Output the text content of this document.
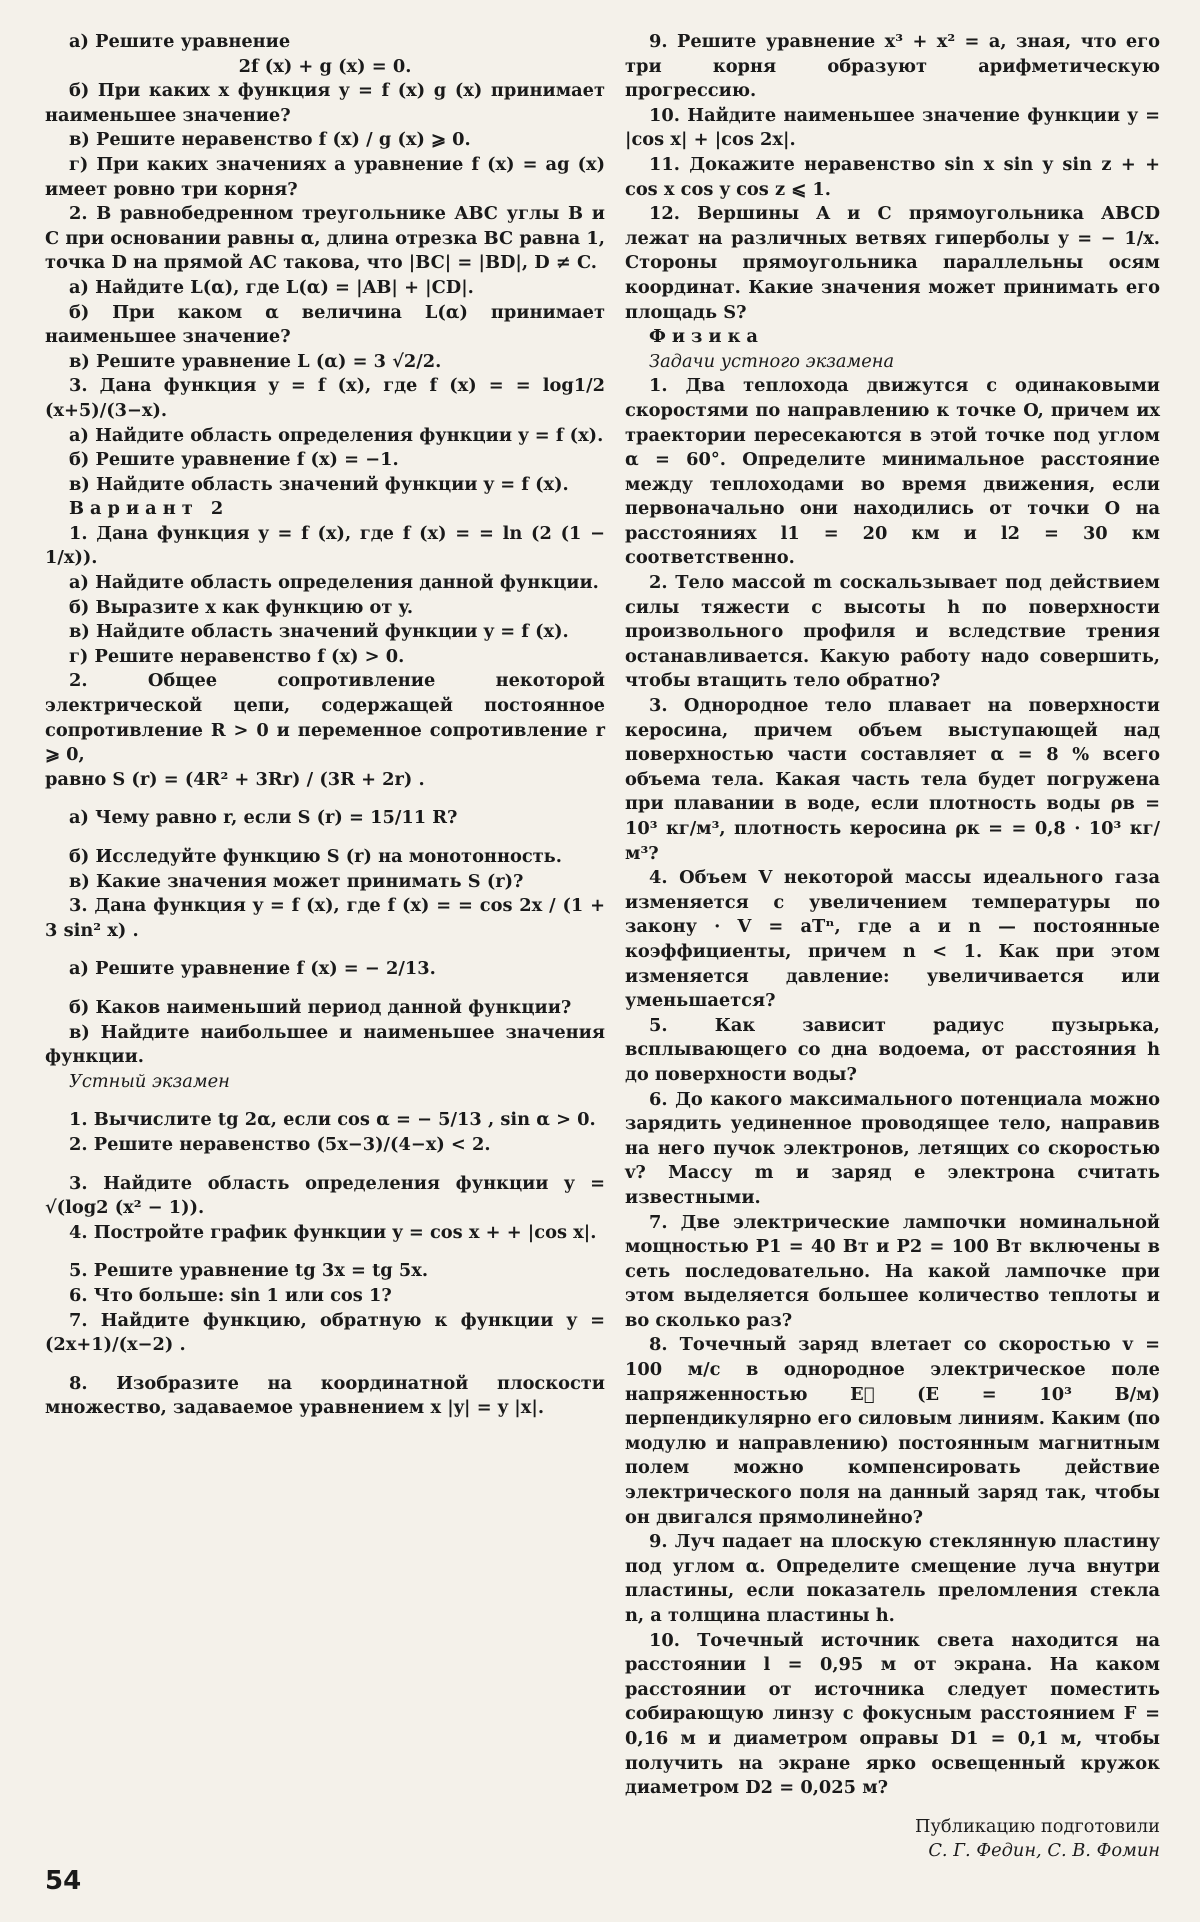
а) Решите уравнение

2f (x) + g (x) = 0.

б) При каких x функция y = f (x) g (x) принимает наименьшее значение?

в) Решите неравенство f (x) / g (x) ⩾ 0.

г) При каких значениях a уравнение f (x) = ag (x) имеет ровно три корня?

2. В равнобедренном треугольнике ABC углы B и C при основании равны α, длина отрезка BC равна 1, точка D на прямой AC такова, что |BC| = |BD|, D ≠ C.

а) Найдите L(α), где L(α) = |AB| + |CD|.

б) При каком α величина L(α) принимает наименьшее значение?

в) Решите уравнение L (α) = 3 √2/2.

3. Дана функция y = f (x), где f (x) = = log1/2 (x+5)/(3−x).

а) Найдите область определения функции y = f (x).

б) Решите уравнение f (x) = −1.

в) Найдите область значений функции y = f (x).

Вариант 2

1. Дана функция y = f (x), где f (x) = = ln (2 (1 − 1/x)).

а) Найдите область определения данной функции.

б) Выразите x как функцию от y.

в) Найдите область значений функции y = f (x).

г) Решите неравенство f (x) > 0.

2. Общее сопротивление некоторой электрической цепи, содержащей постоянное сопротивление R > 0 и переменное сопротивление r ⩾ 0,

равно S (r) = (4R² + 3Rr) / (3R + 2r) .

а) Чему равно r, если S (r) = 15/11 R?

б) Исследуйте функцию S (r) на монотонность.

в) Какие значения может принимать S (r)?

3. Дана функция y = f (x), где f (x) = = cos 2x / (1 + 3 sin² x) .

а) Решите уравнение f (x) = − 2/13.

б) Каков наименьший период данной функции?

в) Найдите наибольшее и наименьшее значения функции.

Устный экзамен

1. Вычислите tg 2α, если cos α = − 5/13 , sin α > 0.

2. Решите неравенство (5x−3)/(4−x) < 2.

3. Найдите область определения функции y = √(log2 (x² − 1)).

4. Постройте график функции y = cos x + + |cos x|.

5. Решите уравнение tg 3x = tg 5x.

6. Что больше: sin 1 или cos 1?

7. Найдите функцию, обратную к функции y = (2x+1)/(x−2) .

8. Изобразите на координатной плоскости множество, задаваемое уравнением x |y| = y |x|.

9. Решите уравнение x³ + x² = a, зная, что его три корня образуют арифметическую прогрессию.

10. Найдите наименьшее значение функции y = |cos x| + |cos 2x|.

11. Докажите неравенство sin x sin y sin z + + cos x cos y cos z ⩽ 1.

12. Вершины A и C прямоугольника ABCD лежат на различных ветвях гиперболы y = − 1/x. Стороны прямоугольника параллельны осям координат. Какие значения может принимать его площадь S?

Физика

Задачи устного экзамена

1. Два теплохода движутся с одинаковыми скоростями по направлению к точке O, причем их траектории пересекаются в этой точке под углом α = 60°. Определите минимальное расстояние между теплоходами во время движения, если первоначально они находились от точки O на расстояниях l1 = 20 км и l2 = 30 км соответственно.

2. Тело массой m соскальзывает под действием силы тяжести с высоты h по поверхности произвольного профиля и вследствие трения останавливается. Какую работу надо совершить, чтобы втащить тело обратно?

3. Однородное тело плавает на поверхности керосина, причем объем выступающей над поверхностью части составляет α = 8 % всего объема тела. Какая часть тела будет погружена при плавании в воде, если плотность воды ρв = 10³ кг/м³, плотность керосина ρк = = 0,8 · 10³ кг/м³?

4. Объем V некоторой массы идеального газа изменяется с увеличением температуры по закону · V = aTⁿ, где a и n — постоянные коэффициенты, причем n < 1. Как при этом изменяется давление: увеличивается или уменьшается?

5. Как зависит радиус пузырька, всплывающего со дна водоема, от расстояния h до поверхности воды?

6. До какого максимального потенциала можно зарядить уединенное проводящее тело, направив на него пучок электронов, летящих со скоростью v? Массу m и заряд e электрона считать известными.

7. Две электрические лампочки номинальной мощностью P1 = 40 Вт и P2 = 100 Вт включены в сеть последовательно. На какой лампочке при этом выделяется большее количество теплоты и во сколько раз?

8. Точечный заряд влетает со скоростью v = 100 м/с в однородное электрическое поле напряженностью E⃗ (E = 10³ В/м) перпендикулярно его силовым линиям. Каким (по модулю и направлению) постоянным магнитным полем можно компенсировать действие электрического поля на данный заряд так, чтобы он двигался прямолинейно?

9. Луч падает на плоскую стеклянную пластину под углом α. Определите смещение луча внутри пластины, если показатель преломления стекла n, а толщина пластины h.

10. Точечный источник света находится на расстоянии l = 0,95 м от экрана. На каком расстоянии от источника следует поместить собирающую линзу с фокусным расстоянием F = 0,16 м и диаметром оправы D1 = 0,1 м, чтобы получить на экране ярко освещенный кружок диаметром D2 = 0,025 м?

Публикацию подготовили

С. Г. Федин, С. В. Фомин

54
